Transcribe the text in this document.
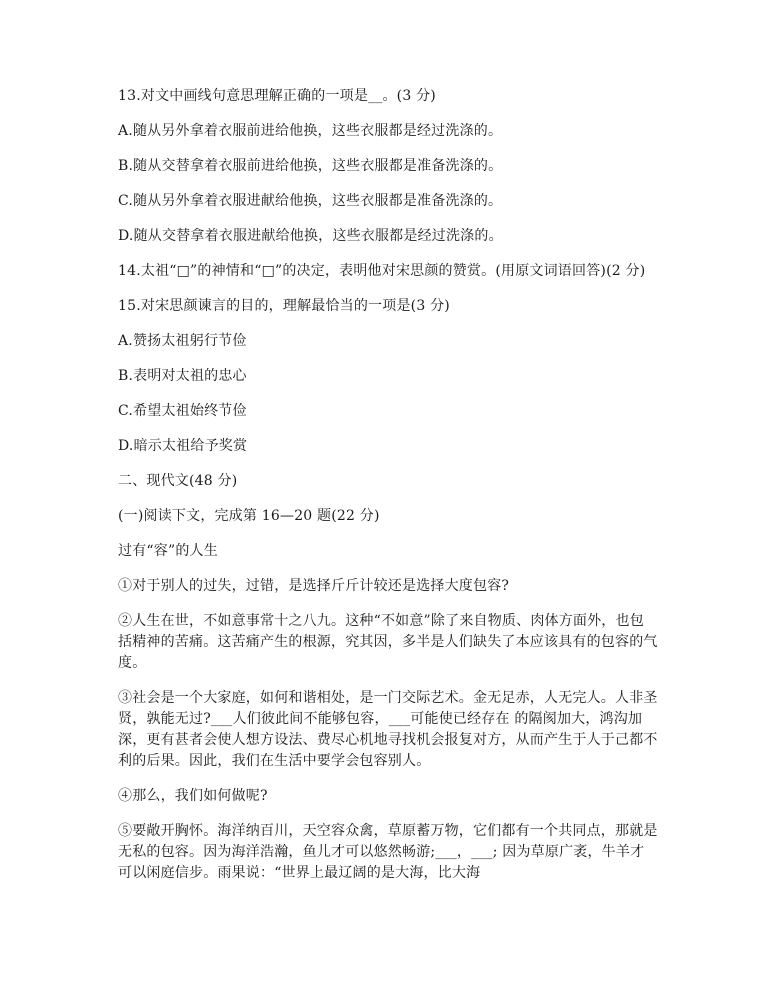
13.对文中画线句意思理解正确的一项是__。(3 分)

A.随从另外拿着衣服前进给他换，这些衣服都是经过洗涤的。

B.随从交替拿着衣服前进给他换，这些衣服都是准备洗涤的。

C.随从另外拿着衣服进献给他换，这些衣服都是准备洗涤的。

D.随从交替拿着衣服进献给他换，这些衣服都是经过洗涤的。

14.太祖“□”的神情和“□”的决定，表明他对宋思颜的赞赏。(用原文词语回答)(2 分)

15.对宋思颜谏言的目的，理解最恰当的一项是(3 分)

A.赞扬太祖躬行节俭

B.表明对太祖的忠心

C.希望太祖始终节俭

D.暗示太祖给予奖赏

二、现代文(48 分)

(一)阅读下文，完成第 16—20 题(22 分)

过有“容”的人生

①对于别人的过失，过错，是选择斤斤计较还是选择大度包容?

②人生在世，不如意事常十之八九。这种“不如意”除了来自物质、肉体方面外，也包括精神的苦痛。这苦痛产生的根源，究其因，多半是人们缺失了本应该具有的包容的气度。

③社会是一个大家庭，如何和谐相处，是一门交际艺术。金无足赤，人无完人。人非圣贤，孰能无过?___人们彼此间不能够包容，___可能使已经存在 的隔阂加大，鸿沟加深，更有甚者会使人想方设法、费尽心机地寻找机会报复对方，从而产生于人于己都不利的后果。因此，我们在生活中要学会包容别人。

④那么，我们如何做呢?

⑤要敞开胸怀。海洋纳百川，天空容众禽，草原蓄万物，它们都有一个共同点，那就是无私的包容。因为海洋浩瀚，鱼儿才可以悠然畅游;___，___; 因为草原广袤，牛羊才可以闲庭信步。雨果说：“世界上最辽阔的是大海，比大海
